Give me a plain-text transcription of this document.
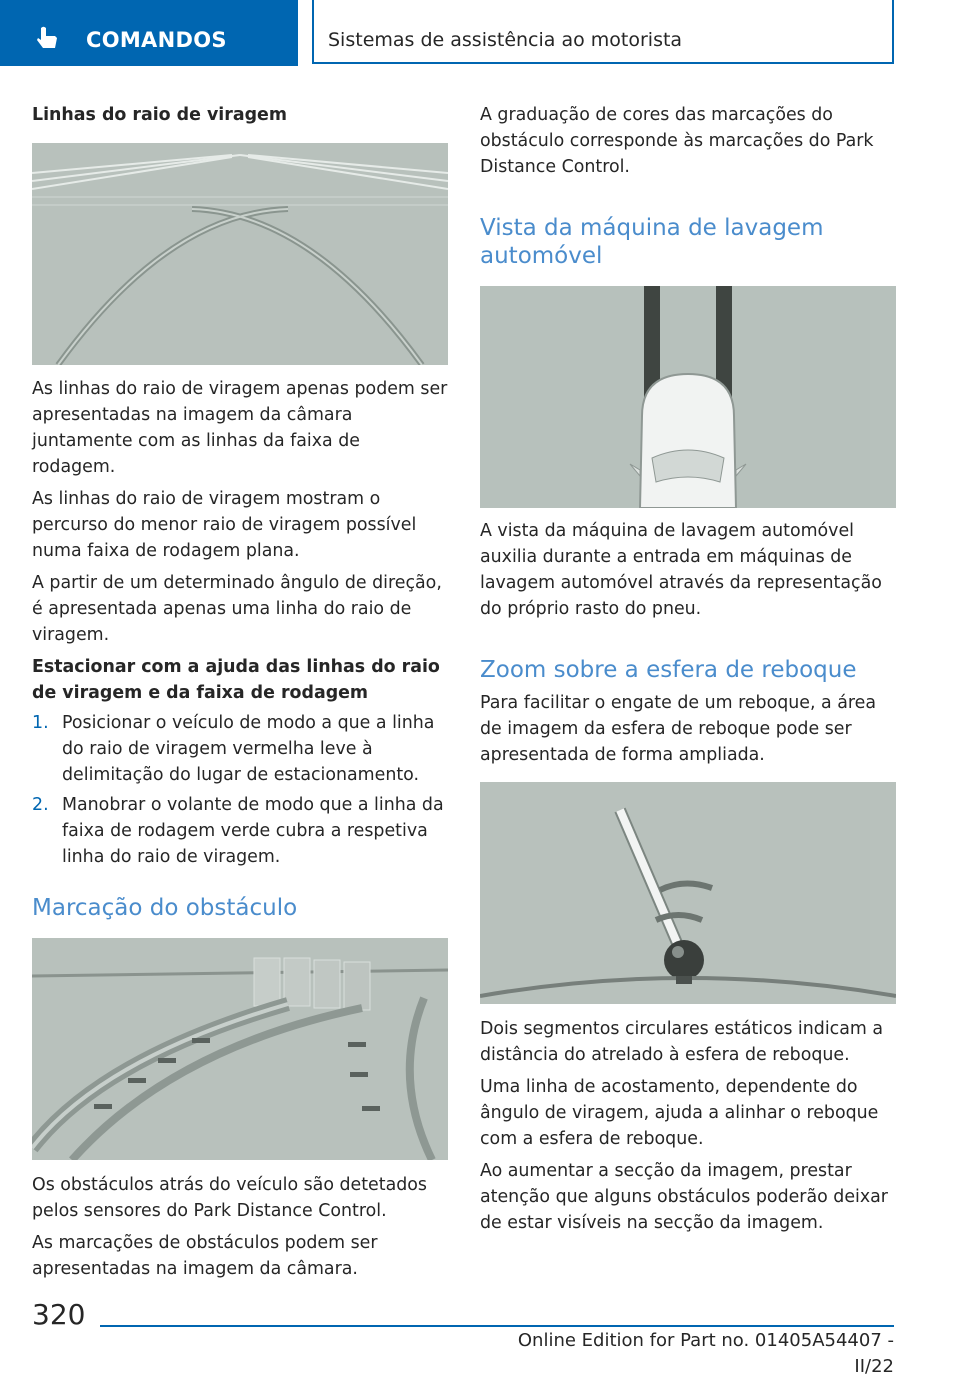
COMANDOS	Sistemas de assistência ao motorista

Linhas do raio de viragem

As linhas do raio de viragem apenas podem ser apresentadas na imagem da câmara juntamente com as linhas da faixa de rodagem.

As linhas do raio de viragem mostram o percurso do menor raio de viragem possível numa faixa de rodagem plana.

A partir de um determinado ângulo de direção, é apresentada apenas uma linha do raio de viragem.

Estacionar com a ajuda das linhas do raio de viragem e da faixa de rodagem

1. Posicionar o veículo de modo a que a linha do raio de viragem vermelha leve à delimitação do lugar de estacionamento.

2. Manobrar o volante de modo que a linha da faixa de rodagem verde cubra a respetiva linha do raio de viragem.

Marcação do obstáculo

Os obstáculos atrás do veículo são detetados pelos sensores do Park Distance Control.

As marcações de obstáculos podem ser apresentadas na imagem da câmara.

A graduação de cores das marcações do obstáculo corresponde às marcações do Park Distance Control.

Vista da máquina de lavagem automóvel

A vista da máquina de lavagem automóvel auxilia durante a entrada em máquinas de lavagem automóvel através da representação do próprio rasto do pneu.

Zoom sobre a esfera de reboque

Para facilitar o engate de um reboque, a área de imagem da esfera de reboque pode ser apresentada de forma ampliada.

Dois segmentos circulares estáticos indicam a distância do atrelado à esfera de reboque.

Uma linha de acostamento, dependente do ângulo de viragem, ajuda a alinhar o reboque com a esfera de reboque.

Ao aumentar a secção da imagem, prestar atenção que alguns obstáculos poderão deixar de estar visíveis na secção da imagem.

320
Online Edition for Part no. 01405A54407 - II/22
